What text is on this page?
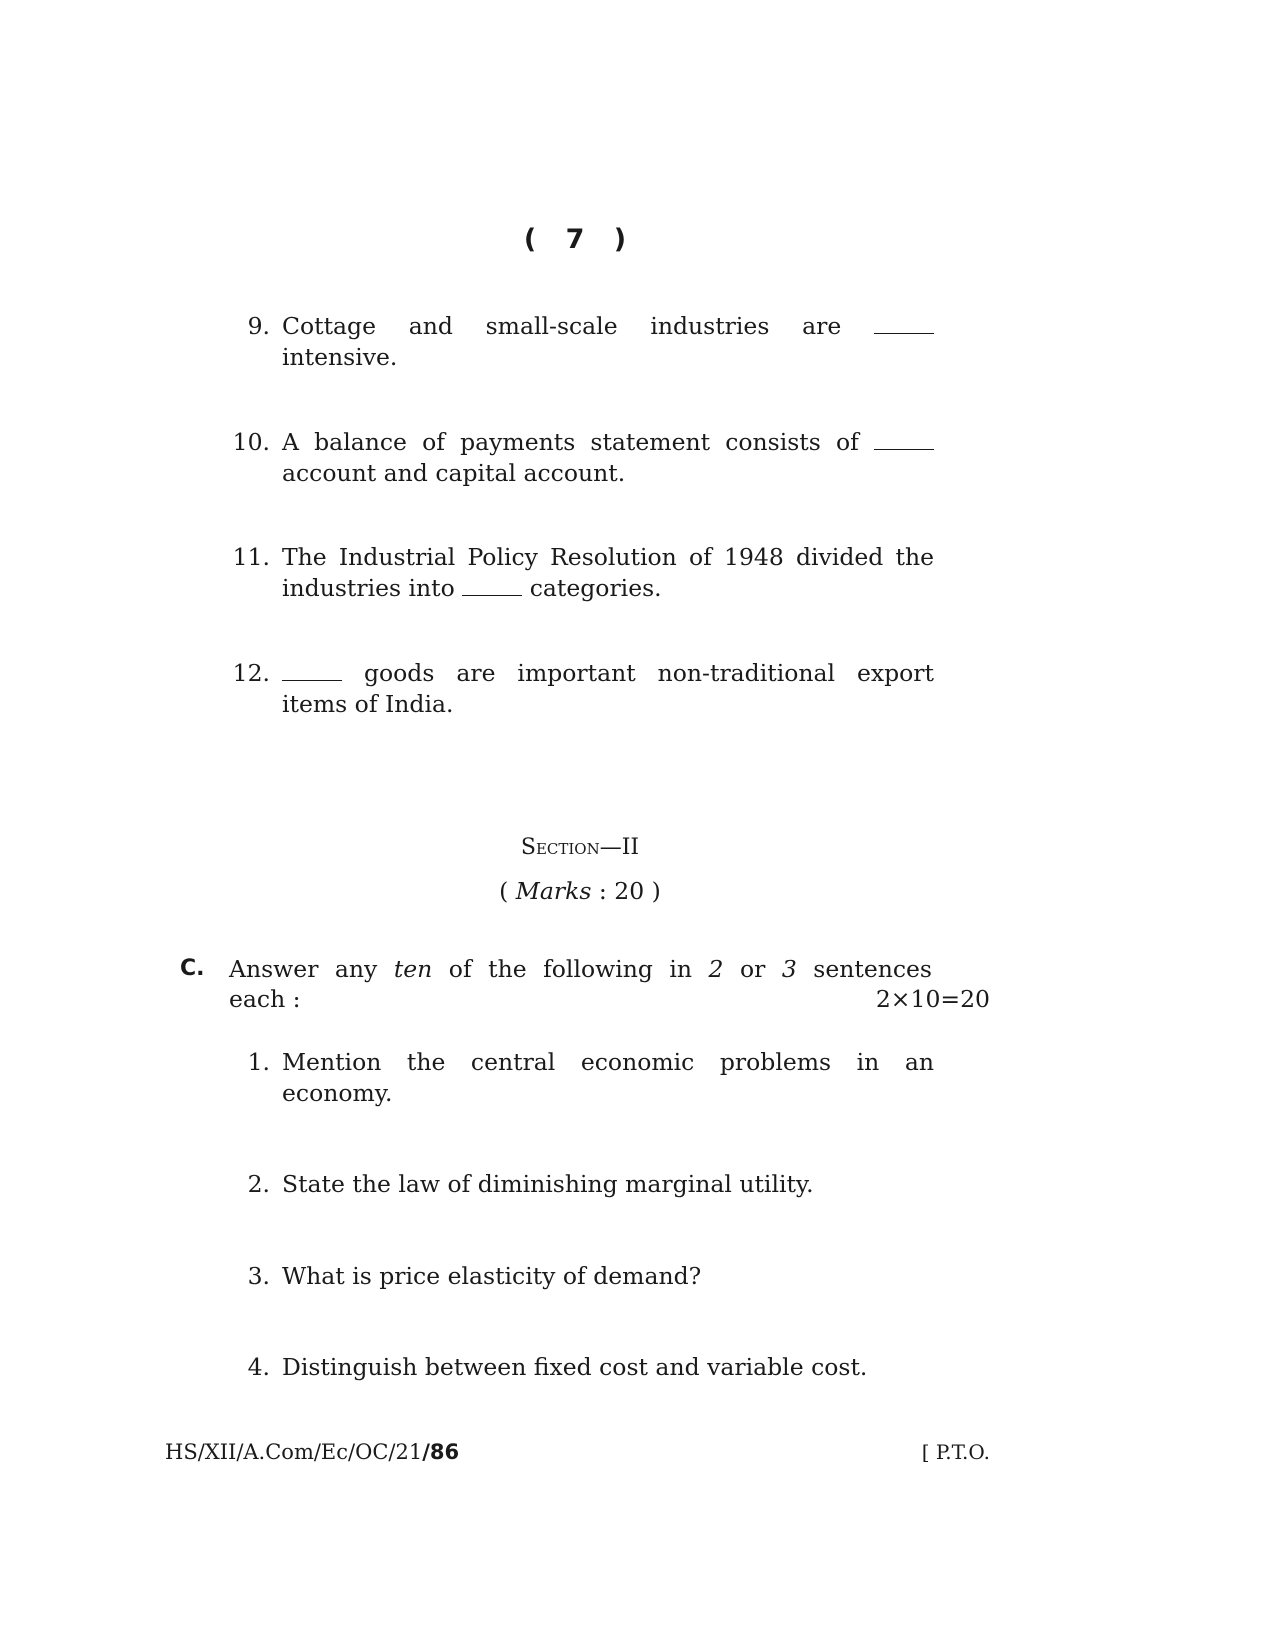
( 7 )
9. Cottage and small-scale industries are
intensive.
10. A balance of payments statement consists of
account and capital account.
11. The Industrial Policy Resolution of 1948 divided the
industries into	categories.
12.	goods are important non-traditional export items of India.
Section—II
( Marks : 20 )
C. Answer any ten of the following in 2 or 3 sentences
each :	2×10=20
1. Mention the central economic problems in an economy.
2. State the law of diminishing marginal utility.
3. What is price elasticity of demand?
4. Distinguish between fixed cost and variable cost.
HS/XII/A.Com/Ec/OC/21/86	[ P.T.O.
